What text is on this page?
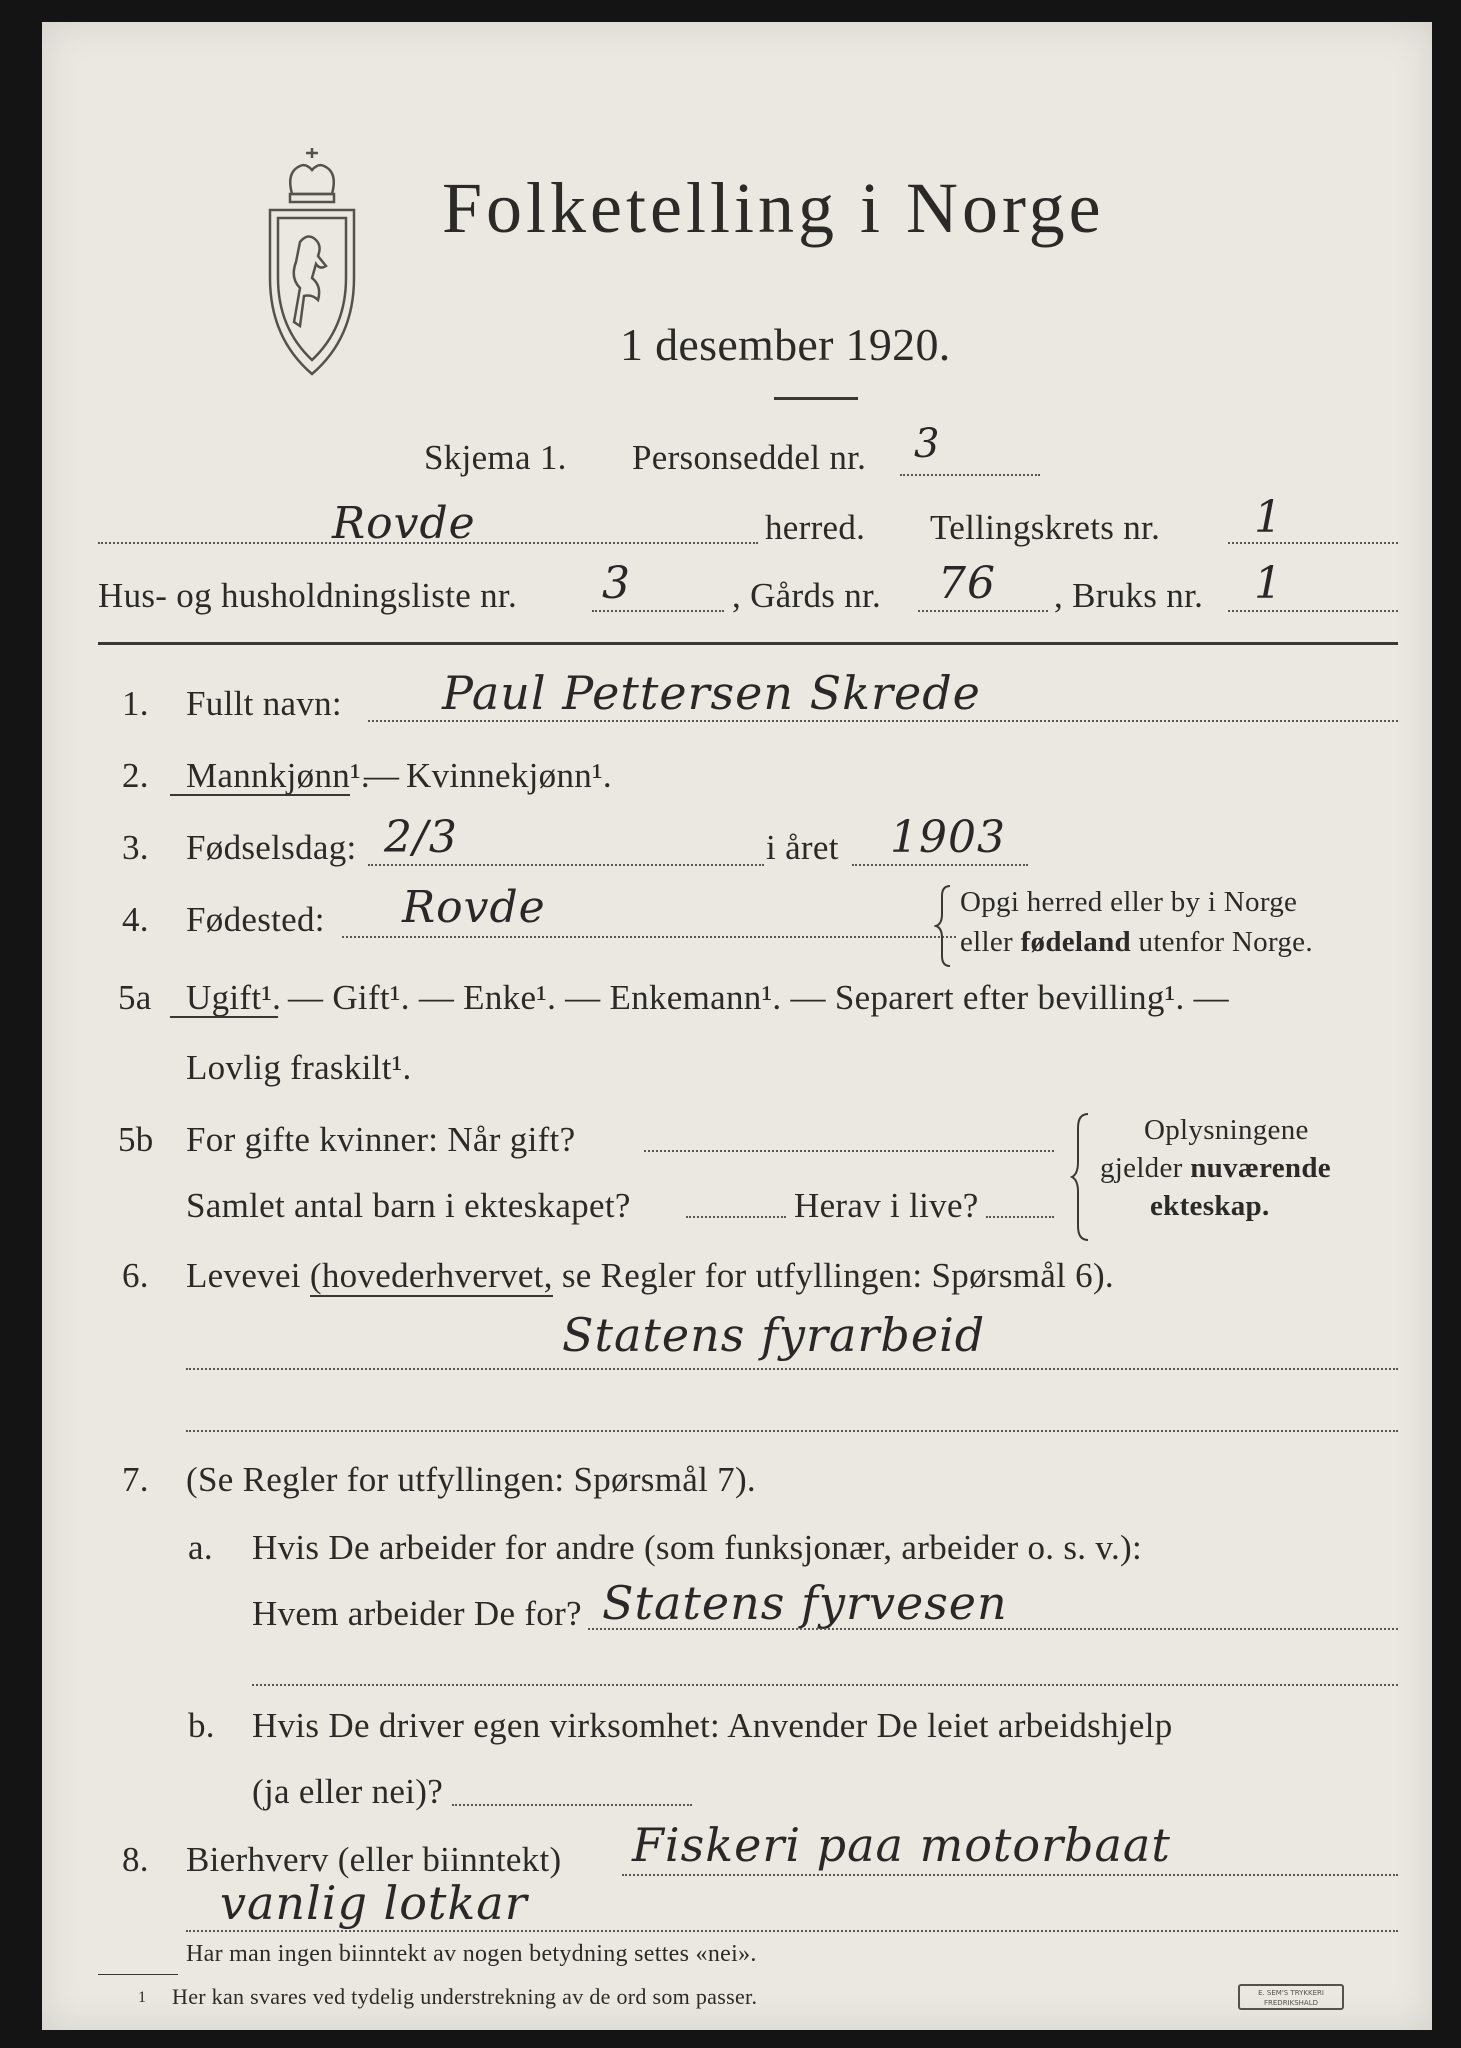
Folketelling i Norge
1 desember 1920.
Skjema 1. Personseddel nr. 3
Rovde	herred. Tellingskrets nr. 1
Hus- og husholdningsliste nr. 3	, Gårds nr. 76 , Bruks nr. 1
1. Fullt navn: Paul Pettersen Skrede
2. Mannkjønn¹.
— Kvinnekjønn¹.
3. Fødselsdag: 2/3	i året 1903
4. Fødested: Rovde	Opgi herred eller by i Norge
eller fødeland utenfor Norge.
5a Ugift¹. — Gift¹. — Enke¹. — Enkemann¹. — Separert efter bevilling¹. —
Lovlig fraskilt¹.
5b For gifte kvinner: Når gift?
Samlet antal barn i ekteskapet?	Herav i live?
Oplysningene
gjelder nuværende
ekteskap.
6. Levevei (hovederhvervet, se Regler for utfyllingen: Spørsmål 6).
Statens fyrarbeid
7. (Se Regler for utfyllingen: Spørsmål 7).
a. Hvis De arbeider for andre (som funksjonær, arbeider o. s. v.):
Hvem arbeider De for? Statens fyrvesen
b. Hvis De driver egen virksomhet: Anvender De leiet arbeidshjelp
(ja eller nei)?
8. Bierhverv (eller biinntekt) Fiskeri paa motorbaat
vanlig lotkar
Har man ingen biinntekt av nogen betydning settes «nei».
1 Her kan svares ved tydelig understrekning av de ord som passer.	E. SEM'S TRYKKERI
FREDRIKSHALD
